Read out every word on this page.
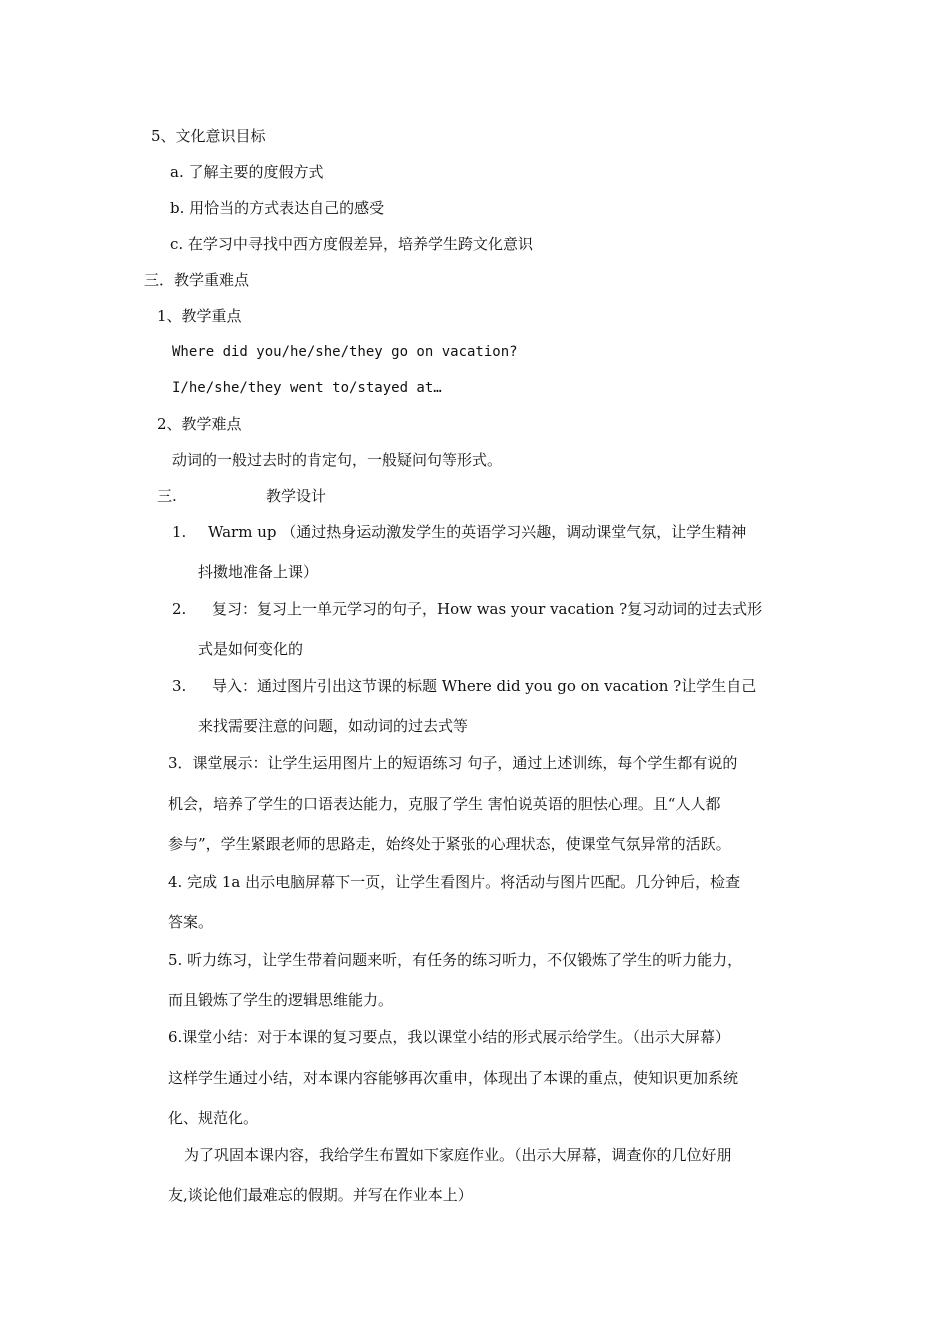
5、文化意识目标
a. 了解主要的度假方式
b. 用恰当的方式表达自己的感受
c. 在学习中寻找中西方度假差异，培养学生跨文化意识
三．教学重难点
1、教学重点
Where did you/he/she/they go on vacation?
I/he/she/they went to/stayed at…
2、教学难点
动词的一般过去时的肯定句，一般疑问句等形式。
三.	教学设计
1. Warm up （通过热身运动激发学生的英语学习兴趣，调动课堂气氛，让学生精神
抖擞地准备上课）
2. 复习：复习上一单元学习的句子，How was your vacation ?复习动词的过去式形
式是如何变化的
3. 导入：通过图片引出这节课的标题 Where did you go on vacation ?让学生自己
来找需要注意的问题，如动词的过去式等
3．课堂展示：让学生运用图片上的短语练习 句子，通过上述训练，每个学生都有说的
机会，培养了学生的口语表达能力，克服了学生 害怕说英语的胆怯心理。且“人人都
参与”，学生紧跟老师的思路走，始终处于紧张的心理状态，使课堂气氛异常的活跃。
4. 完成 1a 出示电脑屏幕下一页，让学生看图片。将活动与图片匹配。几分钟后，检查
答案。
5. 听力练习，让学生带着问题来听，有任务的练习听力，不仅锻炼了学生的听力能力，
而且锻炼了学生的逻辑思维能力。
6.课堂小结：对于本课的复习要点，我以课堂小结的形式展示给学生。（出示大屏幕）
这样学生通过小结，对本课内容能够再次重申，体现出了本课的重点，使知识更加系统
化、规范化。
为了巩固本课内容，我给学生布置如下家庭作业。（出示大屏幕，调查你的几位好朋
友,谈论他们最难忘的假期。并写在作业本上）
